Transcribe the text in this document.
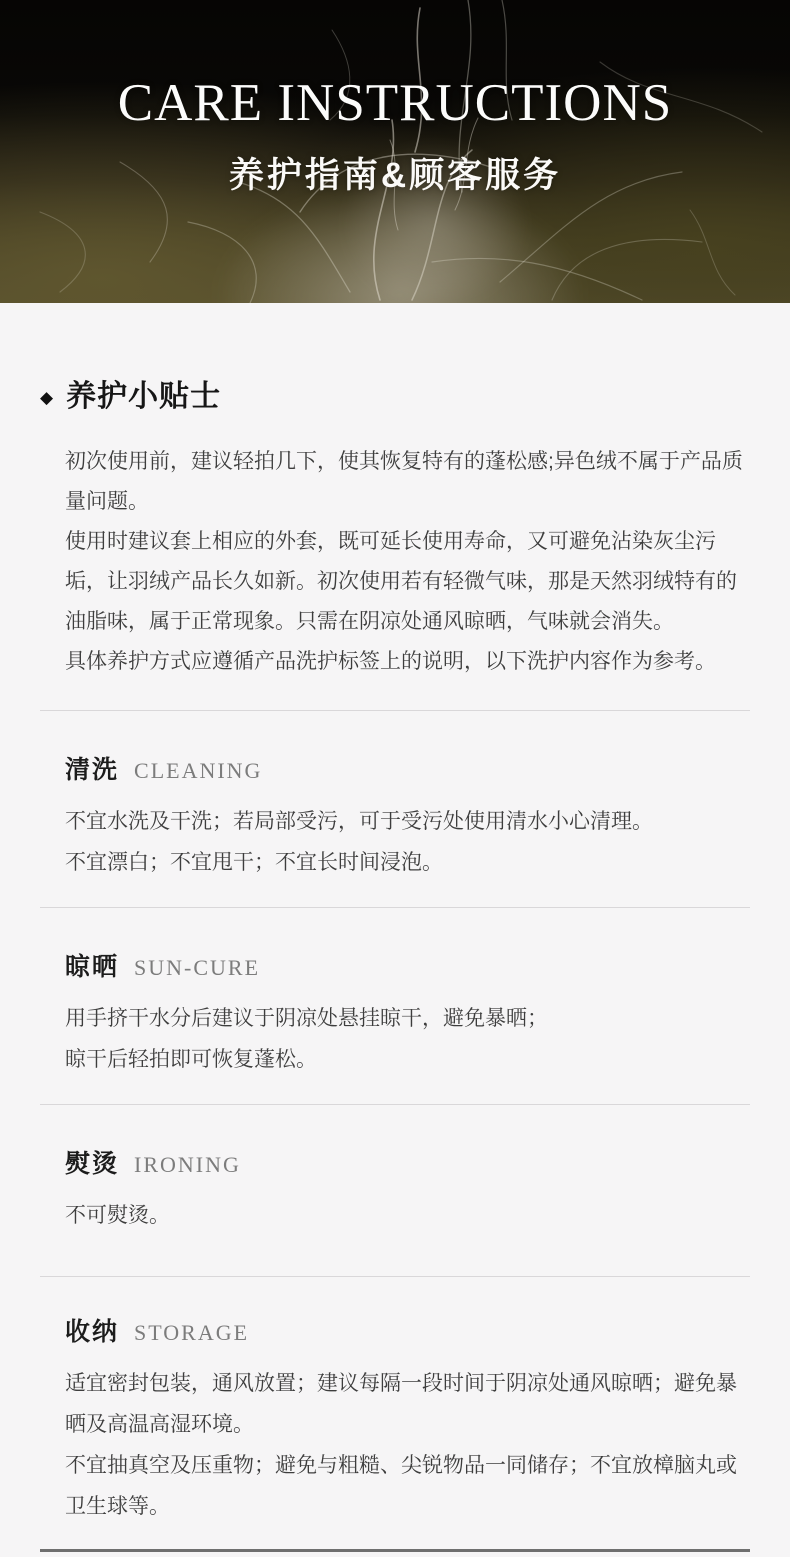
CARE INSTRUCTIONS
养护指南&顾客服务
◆ 养护小贴士

初次使用前，建议轻拍几下，使其恢复特有的蓬松感;异色绒不属于产品质量问题。

使用时建议套上相应的外套，既可延长使用寿命，又可避免沾染灰尘污垢，让羽绒产品长久如新。初次使用若有轻微气味，那是天然羽绒特有的油脂味，属于正常现象。只需在阴凉处通风晾晒，气味就会消失。

具体养护方式应遵循产品洗护标签上的说明，以下洗护内容作为参考。

清洗 CLEANING

不宜水洗及干洗；若局部受污，可于受污处使用清水小心清理。

不宜漂白；不宜甩干；不宜长时间浸泡。

晾晒 SUN-CURE

用手挤干水分后建议于阴凉处悬挂晾干，避免暴晒；

晾干后轻拍即可恢复蓬松。

熨烫 IRONING

不可熨烫。

收纳 STORAGE

适宜密封包装，通风放置；建议每隔一段时间于阴凉处通风晾晒；避免暴晒及高温高湿环境。

不宜抽真空及压重物；避免与粗糙、尖锐物品一同储存；不宜放樟脑丸或卫生球等。
